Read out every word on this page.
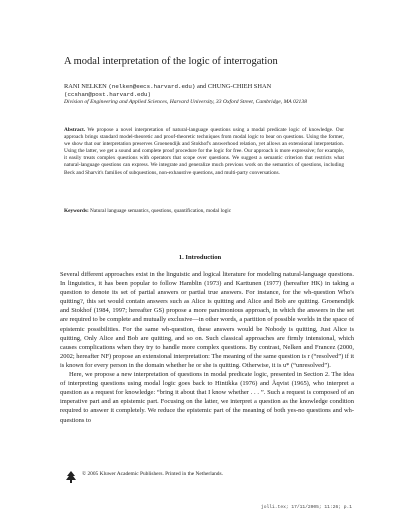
A modal interpretation of the logic of interrogation
RANI NELKEN (nelken@eecs.harvard.edu) and CHUNG-CHIEH SHAN
(ccshan@post.harvard.edu)
Division of Engineering and Applied Sciences, Harvard University, 33 Oxford Street, Cambridge, MA 02138
Abstract. We propose a novel interpretation of natural-language questions using a modal predicate logic of knowledge. Our approach brings standard model-theoretic and proof-theoretic techniques from modal logic to bear on questions. Using the former, we show that our interpretation preserves Groenendijk and Stokhof's answerhood relation, yet allows an extensional interpretation. Using the latter, we get a sound and complete proof procedure for the logic for free. Our approach is more expressive; for example, it easily treats complex questions with operators that scope over questions. We suggest a semantic criterion that restricts what natural-language questions can express. We integrate and generalize much previous work on the semantics of questions, including Beck and Sharvit's families of subquestions, non-exhaustive questions, and multi-party conversations.
Keywords: Natural language semantics, questions, quantification, modal logic
1. Introduction

Several different approaches exist in the linguistic and logical literature for modeling natural-language questions. In linguistics, it has been popular to follow Hamblin (1973) and Karttunen (1977) (hereafter HK) in taking a question to denote its set of partial answers or partial true answers. For instance, for the wh-question Who's quitting?, this set would contain answers such as Alice is quitting and Alice and Bob are quitting. Groenendijk and Stokhof (1984, 1997; hereafter GS) propose a more parsimonious approach, in which the answers in the set are required to be complete and mutually exclusive—in other words, a partition of possible worlds in the space of epistemic possibilities. For the same wh-question, these answers would be Nobody is quitting, Just Alice is quitting, Only Alice and Bob are quitting, and so on. Such classical approaches are firmly intensional, which causes complications when they try to handle more complex questions. By contrast, Nelken and Francez (2000, 2002; hereafter NF) propose an extensional interpretation: The meaning of the same question is r (“resolved”) if it is known for every person in the domain whether he or she is quitting. Otherwise, it is u* (“unresolved”).

Here, we propose a new interpretation of questions in modal predicate logic, presented in Section 2. The idea of interpreting questions using modal logic goes back to Hintikka (1976) and Åqvist (1965), who interpret a question as a request for knowledge: “bring it about that I know whether . . . ”. Such a request is composed of an imperative part and an epistemic part. Focusing on the latter, we interpret a question as the knowledge condition required to answer it completely. We reduce the epistemic part of the meaning of both yes-no questions and wh-questions to

© 2005 Kluwer Academic Publishers. Printed in the Netherlands.
jolli.tex; 17/11/2005; 11:26; p.1
